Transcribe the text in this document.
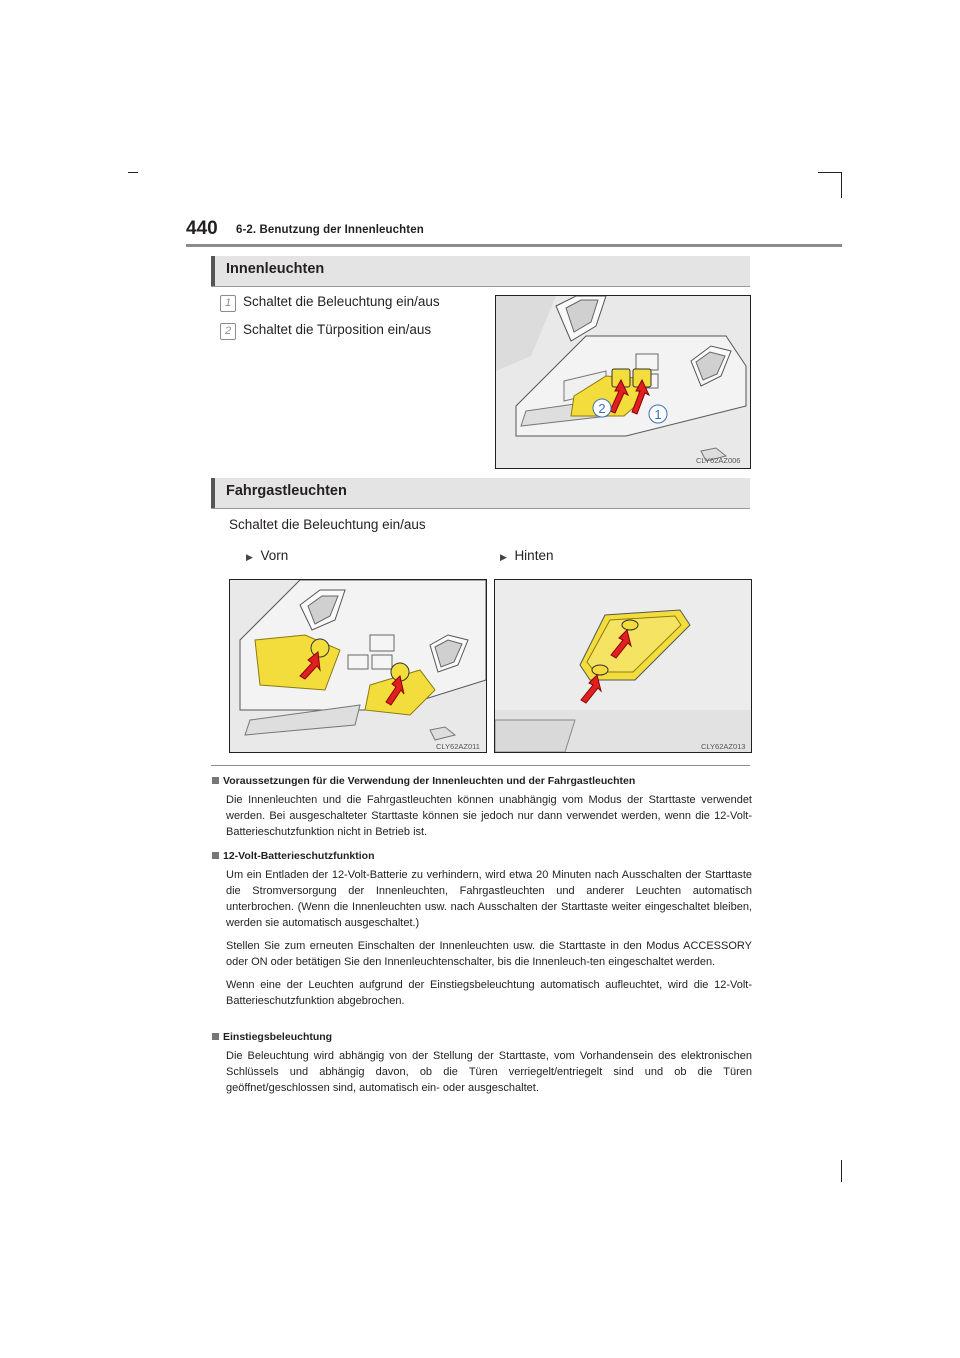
440 6-2. Benutzung der Innenleuchten
Innenleuchten
1 Schaltet die Beleuchtung ein/aus
2 Schaltet die Türposition ein/aus
2	1
CLY62AZ006
Fahrgastleuchten
Schaltet die Beleuchtung ein/aus
▶ Vorn	▶ Hinten
CLY62AZ011	CLY62AZ013
Voraussetzungen für die Verwendung der Innenleuchten und der Fahrgastleuchten
Die Innenleuchten und die Fahrgastleuchten können unabhängig vom Modus der Starttaste verwendet werden. Bei ausgeschalteter Starttaste können sie jedoch nur dann verwendet werden, wenn die 12-Volt-Batterieschutzfunktion nicht in Betrieb ist.
12-Volt-Batterieschutzfunktion
Um ein Entladen der 12-Volt-Batterie zu verhindern, wird etwa 20 Minuten nach Ausschalten der Starttaste die Stromversorgung der Innenleuchten, Fahrgastleuchten und anderer Leuchten automatisch unterbrochen. (Wenn die Innenleuchten usw. nach Ausschalten der Starttaste weiter eingeschaltet bleiben, werden sie automatisch ausgeschaltet.)
Stellen Sie zum erneuten Einschalten der Innenleuchten usw. die Starttaste in den Modus ACCESSORY oder ON oder betätigen Sie den Innenleuchtenschalter, bis die Innenleuch-ten eingeschaltet werden.
Wenn eine der Leuchten aufgrund der Einstiegsbeleuchtung automatisch aufleuchtet, wird die 12-Volt-Batterieschutzfunktion abgebrochen.
Einstiegsbeleuchtung
Die Beleuchtung wird abhängig von der Stellung der Starttaste, vom Vorhandensein des elektronischen Schlüssels und abhängig davon, ob die Türen verriegelt/entriegelt sind und ob die Türen geöffnet/geschlossen sind, automatisch ein- oder ausgeschaltet.
